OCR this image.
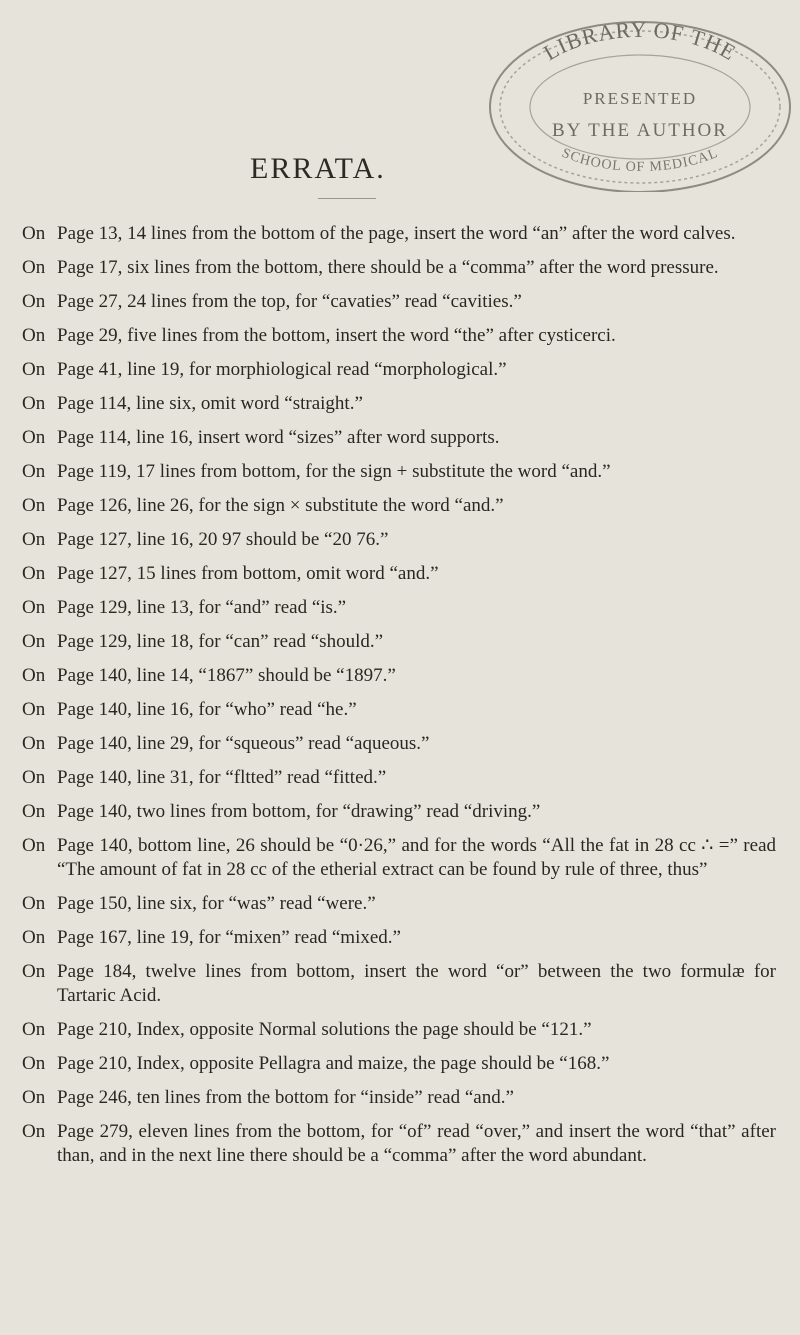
LIBRARY OF THE
PRESENTED
BY THE AUTHOR
SCHOOL OF MEDICAL
ERRATA.
On Page 13, 14 lines from the bottom of the page, insert the word “an” after the word calves.
On Page 17, six lines from the bottom, there should be a “comma” after the word pressure.
On Page 27, 24 lines from the top, for “cavaties” read “cavities.”
On Page 29, five lines from the bottom, insert the word “the” after cysticerci.
On Page 41, line 19, for morphiological read “morphological.”
On Page 114, line six, omit word “straight.”
On Page 114, line 16, insert word “sizes” after word supports.
On Page 119, 17 lines from bottom, for the sign + substitute the word “and.”
On Page 126, line 26, for the sign × substitute the word “and.”
On Page 127, line 16, 20 97 should be “20 76.”
On Page 127, 15 lines from bottom, omit word “and.”
On Page 129, line 13, for “and” read “is.”
On Page 129, line 18, for “can” read “should.”
On Page 140, line 14, “1867” should be “1897.”
On Page 140, line 16, for “who” read “he.”
On Page 140, line 29, for “squeous” read “aqueous.”
On Page 140, line 31, for “fltted” read “fitted.”
On Page 140, two lines from bottom, for “drawing” read “driving.”
On Page 140, bottom line, 26 should be “0·26,” and for the words “All the fat in 28 cc ∴ =” read “The amount of fat in 28 cc of the etherial extract can be found by rule of three, thus”
On Page 150, line six, for “was” read “were.”
On Page 167, line 19, for “mixen” read “mixed.”
On Page 184, twelve lines from bottom, insert the word “or” between the two formulæ for Tartaric Acid.
On Page 210, Index, opposite Normal solutions the page should be “121.”
On Page 210, Index, opposite Pellagra and maize, the page should be “168.”
On Page 246, ten lines from the bottom for “inside” read “and.”
On Page 279, eleven lines from the bottom, for “of” read “over,” and insert the word “that” after than, and in the next line there should be a “comma” after the word abundant.
